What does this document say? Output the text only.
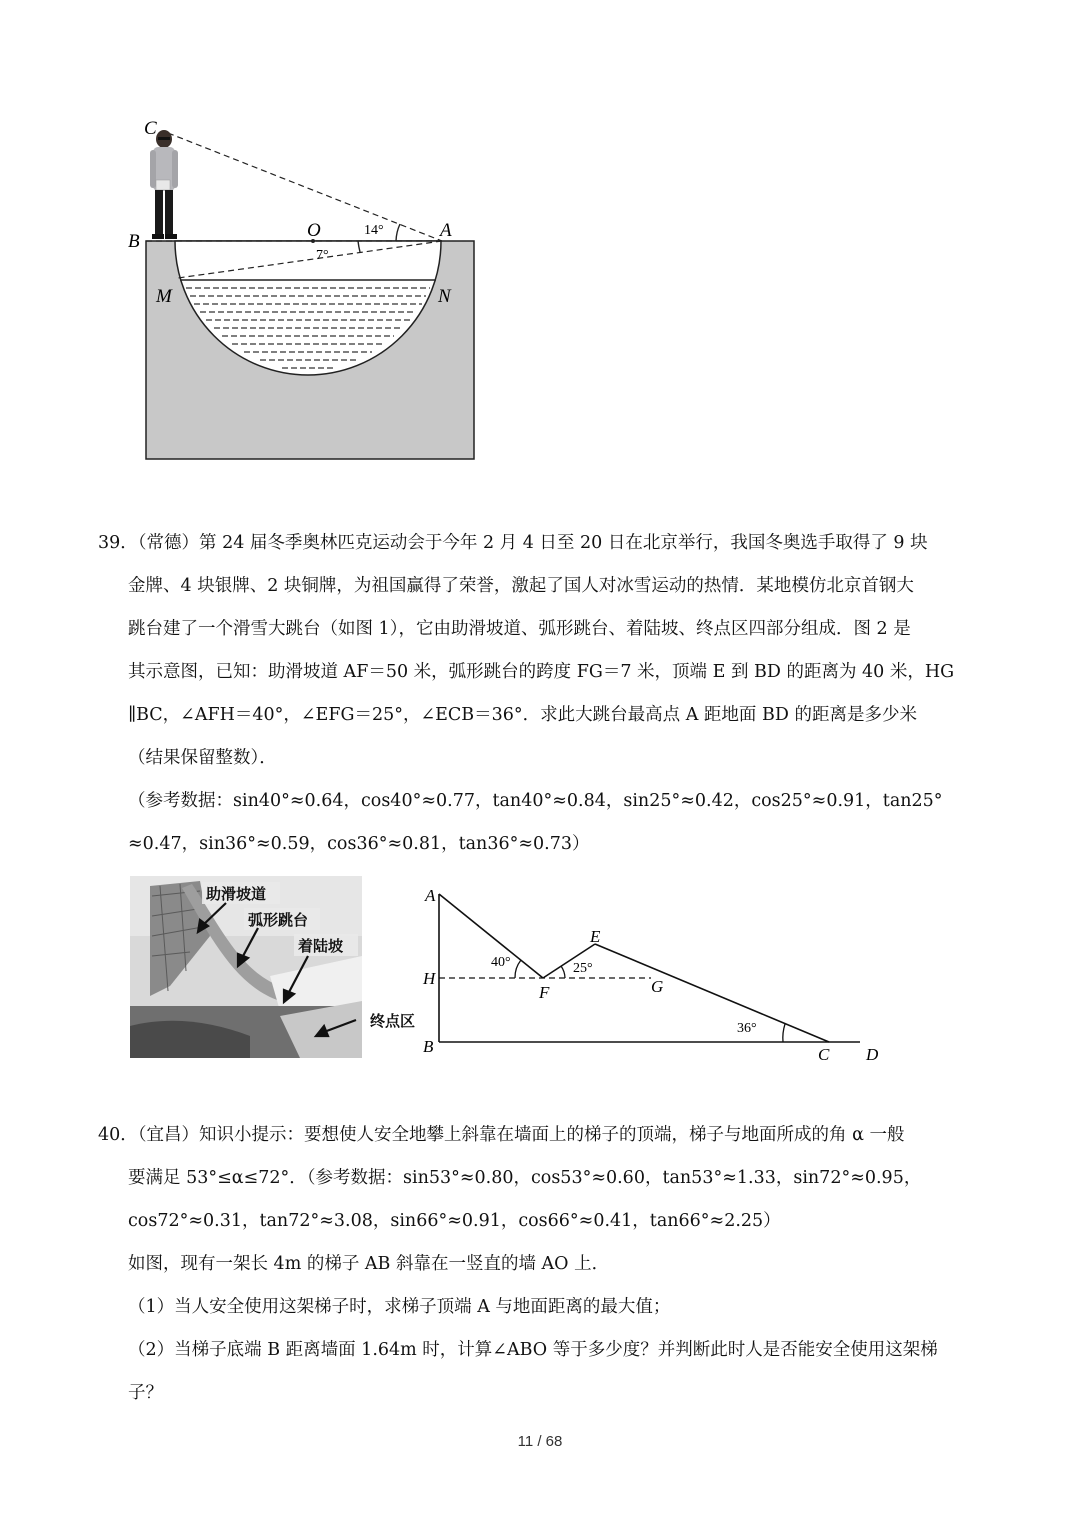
C
B
O	A
M	N
14°
7°
39．（常德）第 24 届冬季奥林匹克运动会于今年 2 月 4 日至 20 日在北京举行，我国冬奥选手取得了 9 块
金牌、4 块银牌、2 块铜牌，为祖国赢得了荣誉，激起了国人对冰雪运动的热情．某地模仿北京首钢大
跳台建了一个滑雪大跳台（如图 1），它由助滑坡道、弧形跳台、着陆坡、终点区四部分组成．图 2 是
其示意图，已知：助滑坡道 AF＝50 米，弧形跳台的跨度 FG＝7 米，顶端 E 到 BD 的距离为 40 米，HG
∥BC，∠AFH＝40°，∠EFG＝25°，∠ECB＝36°．求此大跳台最高点 A 距地面 BD 的距离是多少米
（结果保留整数）．
（参考数据：sin40°≈0.64，cos40°≈0.77，tan40°≈0.84，sin25°≈0.42，cos25°≈0.91，tan25°
≈0.47，sin36°≈0.59，cos36°≈0.81，tan36°≈0.73）
助滑坡道
弧形跳台
着陆坡
终点区
A
H
B
F
E
G
C D
40°	25°
36°
40．（宜昌）知识小提示：要想使人安全地攀上斜靠在墙面上的梯子的顶端，梯子与地面所成的角 α 一般
要满足 53°≤α≤72°．（参考数据：sin53°≈0.80，cos53°≈0.60，tan53°≈1.33，sin72°≈0.95，
cos72°≈0.31，tan72°≈3.08，sin66°≈0.91，cos66°≈0.41，tan66°≈2.25）
如图，现有一架长 4m 的梯子 AB 斜靠在一竖直的墙 AO 上．
（1）当人安全使用这架梯子时，求梯子顶端 A 与地面距离的最大值；
（2）当梯子底端 B 距离墙面 1.64m 时，计算∠ABO 等于多少度？并判断此时人是否能安全使用这架梯
子？
11 / 68
